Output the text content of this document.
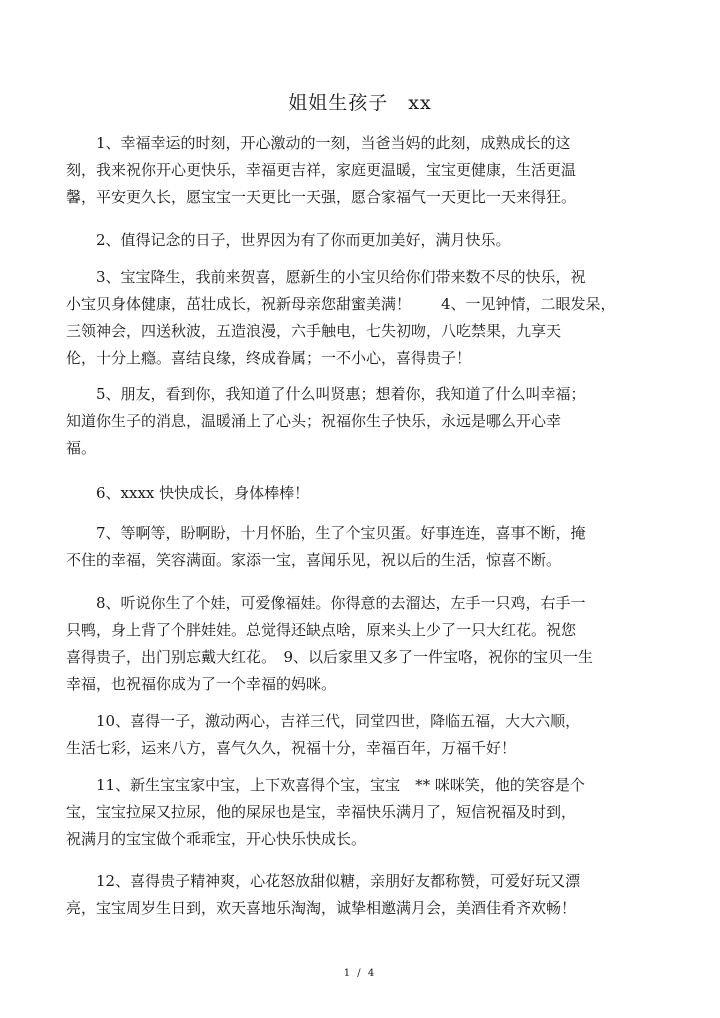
姐姐生孩子　xx
1、幸福幸运的时刻，开心激动的一刻，当爸当妈的此刻，成熟成长的这
刻，我来祝你开心更快乐，幸福更吉祥，家庭更温暖，宝宝更健康，生活更温
馨，平安更久长，愿宝宝一天更比一天强，愿合家福气一天更比一天来得狂。
2、值得记念的日子，世界因为有了你而更加美好，满月快乐。
3、宝宝降生，我前来贺喜，愿新生的小宝贝给你们带来数不尽的快乐，祝
小宝贝身体健康，茁壮成长，祝新母亲您甜蜜美满！　　4、一见钟情，二眼发呆，
三领神会，四送秋波，五造浪漫，六手触电，七失初吻，八吃禁果，九享天
伦，十分上瘾。喜结良缘，终成眷属；一不小心，喜得贵子！
5、朋友，看到你，我知道了什么叫贤惠；想着你，我知道了什么叫幸福；
知道你生子的消息，温暖涌上了心头；祝福你生子快乐，永远是哪么开心幸
福。
6、xxxx 快快成长，身体棒棒！
7、等啊等，盼啊盼，十月怀胎，生了个宝贝蛋。好事连连，喜事不断，掩
不住的幸福，笑容满面。家添一宝，喜闻乐见，祝以后的生活，惊喜不断。
8、听说你生了个娃，可爱像福娃。你得意的去溜达，左手一只鸡，右手一
只鸭，身上背了个胖娃娃。总觉得还缺点啥，原来头上少了一只大红花。祝您
喜得贵子，出门别忘戴大红花。　9、以后家里又多了一件宝咯，祝你的宝贝一生
幸福，也祝福你成为了一个幸福的妈咪。
10、喜得一子，激动两心，吉祥三代，同堂四世，降临五福，大大六顺，
生活七彩，运来八方，喜气久久，祝福十分，幸福百年，万福千好！
11、新生宝宝家中宝，上下欢喜得个宝，宝宝　** 咪咪笑，他的笑容是个
宝，宝宝拉屎又拉尿，他的屎尿也是宝，幸福快乐满月了，短信祝福及时到，
祝满月的宝宝做个乖乖宝，开心快乐快成长。
12、喜得贵子精神爽，心花怒放甜似糖，亲朋好友都称赞，可爱好玩又漂
亮，宝宝周岁生日到，欢天喜地乐淘淘，诚挚相邀满月会，美酒佳肴齐欢畅！
1 / 4
